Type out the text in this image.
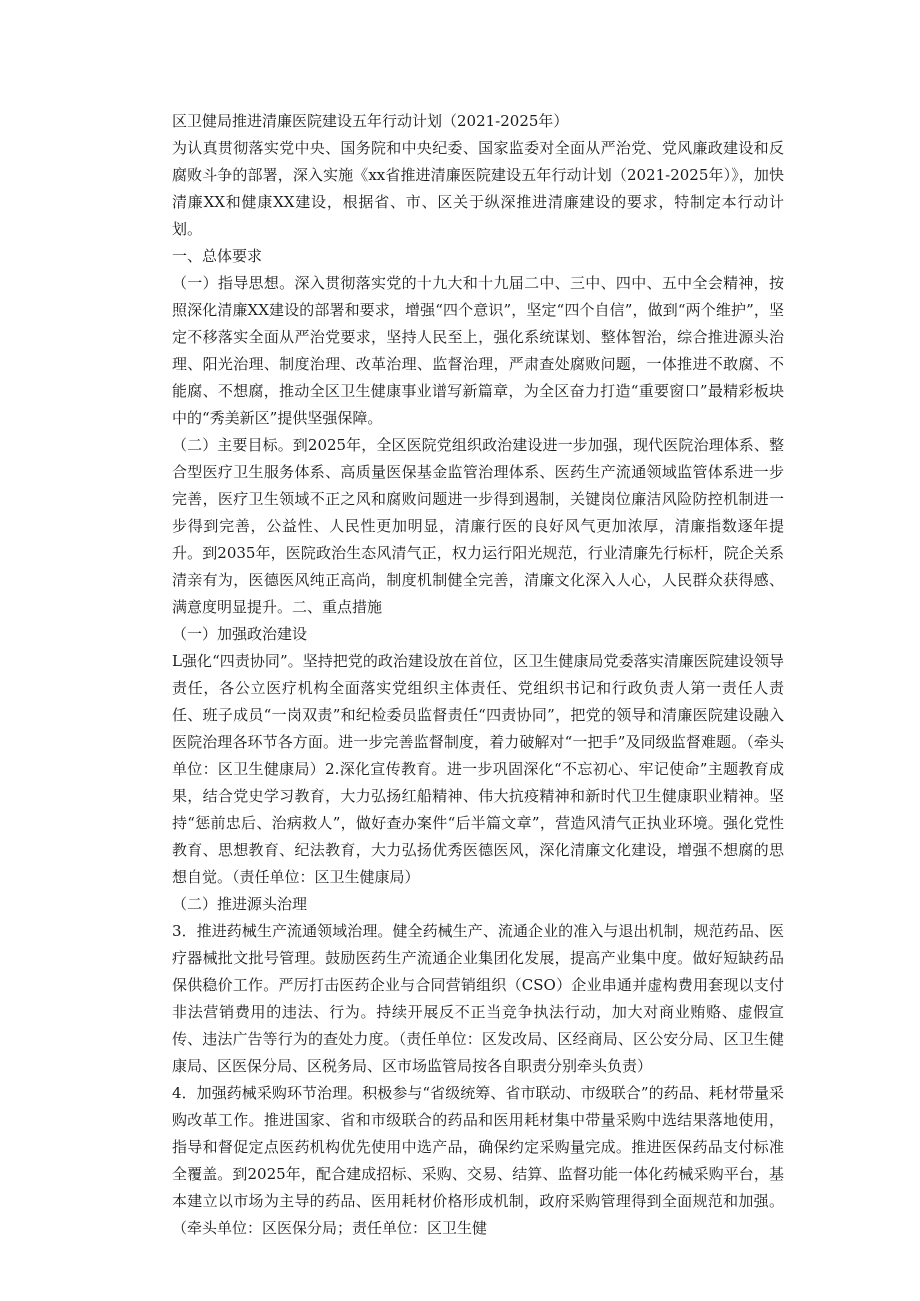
区卫健局推进清廉医院建设五年行动计划（2021-2025年）

为认真贯彻落实党中央、国务院和中央纪委、国家监委对全面从严治党、党风廉政建设和反腐败斗争的部署，深入实施《xx省推进清廉医院建设五年行动计划（2021-2025年）》，加快清廉XX和健康XX建设，根据省、市、区关于纵深推进清廉建设的要求，特制定本行动计划。

一、总体要求

（一）指导思想。深入贯彻落实党的十九大和十九届二中、三中、四中、五中全会精神，按照深化清廉XX建设的部署和要求，增强“四个意识”，坚定“四个自信”，做到“两个维护”，坚定不移落实全面从严治党要求，坚持人民至上，强化系统谋划、整体智治，综合推进源头治理、阳光治理、制度治理、改革治理、监督治理，严肃查处腐败问题，一体推进不敢腐、不能腐、不想腐，推动全区卫生健康事业谱写新篇章，为全区奋力打造“重要窗口”最精彩板块中的“秀美新区”提供坚强保障。

（二）主要目标。到2025年，全区医院党组织政治建设进一步加强，现代医院治理体系、整合型医疗卫生服务体系、高质量医保基金监管治理体系、医药生产流通领域监管体系进一步完善，医疗卫生领域不正之风和腐败问题进一步得到遏制，关键岗位廉洁风险防控机制进一步得到完善，公益性、人民性更加明显，清廉行医的良好风气更加浓厚，清廉指数逐年提升。到2035年，医院政治生态风清气正，权力运行阳光规范，行业清廉先行标杆，院企关系清亲有为，医德医风纯正高尚，制度机制健全完善，清廉文化深入人心，人民群众获得感、满意度明显提升。二、重点措施

（一）加强政治建设

L强化“四责协同”。坚持把党的政治建设放在首位，区卫生健康局党委落实清廉医院建设领导责任，各公立医疗机构全面落实党组织主体责任、党组织书记和行政负责人第一责任人责任、班子成员“一岗双责”和纪检委员监督责任“四责协同”，把党的领导和清廉医院建设融入医院治理各环节各方面。进一步完善监督制度，着力破解对“一把手”及同级监督难题。（牵头单位：区卫生健康局）2.深化宣传教育。进一步巩固深化“不忘初心、牢记使命”主题教育成果，结合党史学习教育，大力弘扬红船精神、伟大抗疫精神和新时代卫生健康职业精神。坚持“惩前忠后、治病救人”，做好查办案件“后半篇文章”，营造风清气正执业环境。强化党性教育、思想教育、纪法教育，大力弘扬优秀医德医风，深化清廉文化建设，增强不想腐的思想自觉。（责任单位：区卫生健康局）

（二）推进源头治理

3．推进药械生产流通领域治理。健全药械生产、流通企业的准入与退出机制，规范药品、医疗器械批文批号管理。鼓励医药生产流通企业集团化发展，提高产业集中度。做好短缺药品保供稳价工作。严厉打击医药企业与合同营销组织（CSO）企业串通并虚构费用套现以支付非法营销费用的违法、行为。持续开展反不正当竞争执法行动，加大对商业贿赂、虚假宣传、违法广告等行为的查处力度。（责任单位：区发改局、区经商局、区公安分局、区卫生健康局、区医保分局、区税务局、区市场监管局按各自职责分别牵头负责）

4．加强药械采购环节治理。积极参与“省级统筹、省市联动、市级联合”的药品、耗材带量采购改革工作。推进国家、省和市级联合的药品和医用耗材集中带量采购中选结果落地使用，指导和督促定点医药机构优先使用中选产品，确保约定采购量完成。推进医保药品支付标准全覆盖。到2025年，配合建成招标、采购、交易、结算、监督功能一体化药械采购平台，基本建立以市场为主导的药品、医用耗材价格形成机制，政府采购管理得到全面规范和加强。（牵头单位：区医保分局；责任单位：区卫生健
